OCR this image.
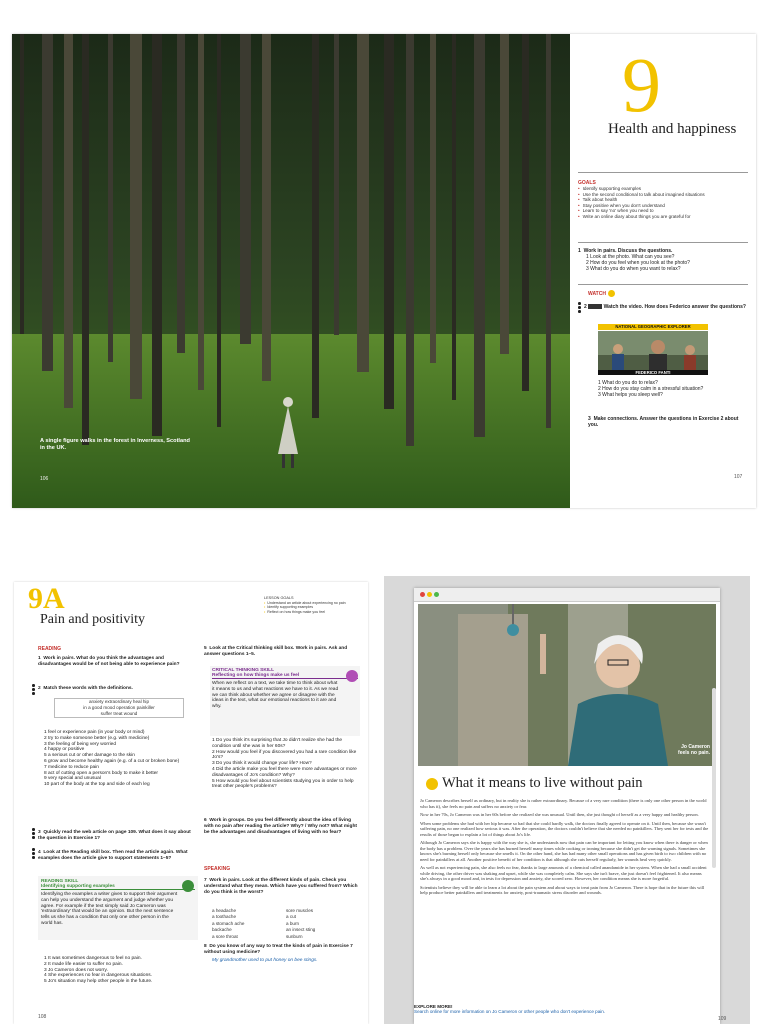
A single figure walks in the forest in Inverness, Scotland in the UK.
106
9
Health and happiness
GOALS
• Identify supporting examples
• Use the second conditional to talk about imagined situations
• Talk about health
• Stay positive when you don't understand
• Learn to say 'no' when you need to
• Write an online diary about things you are grateful for
1 Work in pairs. Discuss the questions.
1 Look at the photo. What can you see?
2 How do you feel when you look at the photo?
3 What do you do when you want to relax?
WATCH
2	Watch the video. How does Federico answer the questions?
NATIONAL GEOGRAPHIC EXPLORER
FEDERICO FANTI
1 What do you do to relax?
2 How do you stay calm in a stressful situation?
3 What helps you sleep well?
3 Make connections. Answer the questions in Exercise 2 about you.
107
9A
Pain and positivity
LESSON GOALS
• Understand an article about experiencing no pain
• Identify supporting examples
• Reflect on how things make you feel
READING
1  Work in pairs. What do you think the advantages and disadvantages would be of not being able to experience pain?
2  Match these words with the definitions.
anxiety extraordinary heal hip
in a good mood operation painkiller
suffer treat wound
1 feel or experience pain (in your body or mind)
2 try to make someone better (e.g. with medicine)
3 the feeling of being very worried
4 happy or positive
5 a serious cut or other damage to the skin
6 grow and become healthy again (e.g. of a cut or broken bone)
7 medicine to reduce pain
8 act of cutting open a person's body to make it better
9 very special and unusual
10 part of the body at the top and side of each leg
3  Quickly read the web article on page 109. What does it say about the question in Exercise 1?
4  Look at the Reading skill box. Then read the article again. What examples does the article give to support statements 1–5?
READING SKILL
Identifying supporting examples
Identifying the examples a writer gives to support their argument can help you understand the argument and judge whether you agree. For example if the text simply said Jo Cameron was 'extraordinary' that would be an opinion. But the next sentence tells us she has a condition that only one other person in the world has.
1 It was sometimes dangerous to feel no pain.
2 It made life easier to suffer no pain.
3 Jo Cameron does not worry.
4 She experiences no fear in dangerous situations.
5 Jo's situation may help other people in the future.
108
5  Look at the Critical thinking skill box. Work in pairs. Ask and answer questions 1–5.
CRITICAL THINKING SKILL
Reflecting on how things make us feel
When we reflect on a text, we take time to think about what it means to us and what reactions we have to it. As we read we can think about whether we agree or disagree with the ideas in the text, what our emotional reactions to it are and why.
1 Do you think it's surprising that Jo didn't realize she had the condition until she was in her 60s?
2 How would you feel if you discovered you had a rare condition like Jo's?
3 Do you think it would change your life? How?
4 Did the article make you feel there were more advantages or more disadvantages of Jo's condition? Why?
5 How would you feel about scientists studying you in order to help treat other people's problems?
6  Work in groups. Do you feel differently about the idea of living with no pain after reading the article? Why? / Why not? What might be the advantages and disadvantages of living with no fear?
SPEAKING
7  Work in pairs. Look at the different kinds of pain. Check you understand what they mean. Which have you suffered from? Which do you think is the worst?
a headache
a toothache
a stomach ache
backache
a sore throat
sore muscles
a cut
a burn
an insect sting
sunburn
8  Do you know of any way to treat the kinds of pain in Exercise 7 without using medicine?
My grandmother used to put honey on bee stings.
Jo Cameron
feels no pain.
What it means to live without pain

Jo Cameron describes herself as ordinary, but in reality she is rather extraordinary. Because of a very rare condition (there is only one other person in the world who has it), she feels no pain and suffers no anxiety or fear.

Now in her 70s, Jo Cameron was in her 60s before she realized she was unusual. Until then, she just thought of herself as a very happy and healthy person.

When some problems she had with her hip became so bad that she could hardly walk, the doctors finally agreed to operate on it. Until then, because she wasn't suffering pain, no one realized how serious it was. After the operation, the doctors couldn't believe that she needed no painkillers. They sent her for tests and the results of those began to explain a lot of things about Jo's life.

Although Jo Cameron says she is happy with the way she is, she understands now that pain can be important for letting you know when there is danger or when the body has a problem. Over the years she has burned herself many times while cooking or ironing because she didn't get the warning signals. Sometimes she knows she's burning herself only because she smells it. On the other hand, she has had many other small operations and has given birth to two children with no need for painkillers at all. Another positive benefit of her condition is that although she cuts herself regularly, her wounds heal very quickly.

As well as not experiencing pain, she also feels no fear, thanks to large amounts of a chemical called anandamide in her system. When she had a small accident while driving, the other driver was shaking and upset, while she was completely calm. She says she isn't brave, she just doesn't feel frightened. It also means she's always in a good mood and, in tests for depression and anxiety, she scored zero. However, her condition means she is more forgetful.

Scientists believe they will be able to learn a lot about the pain system and about ways to treat pain from Jo Cameron. There is hope that in the future this will help produce better painkillers and treatments for anxiety, post-traumatic stress disorder and wounds.

EXPLORE MORE!
Search online for more information on Jo Cameron or other people who don't experience pain.
109
